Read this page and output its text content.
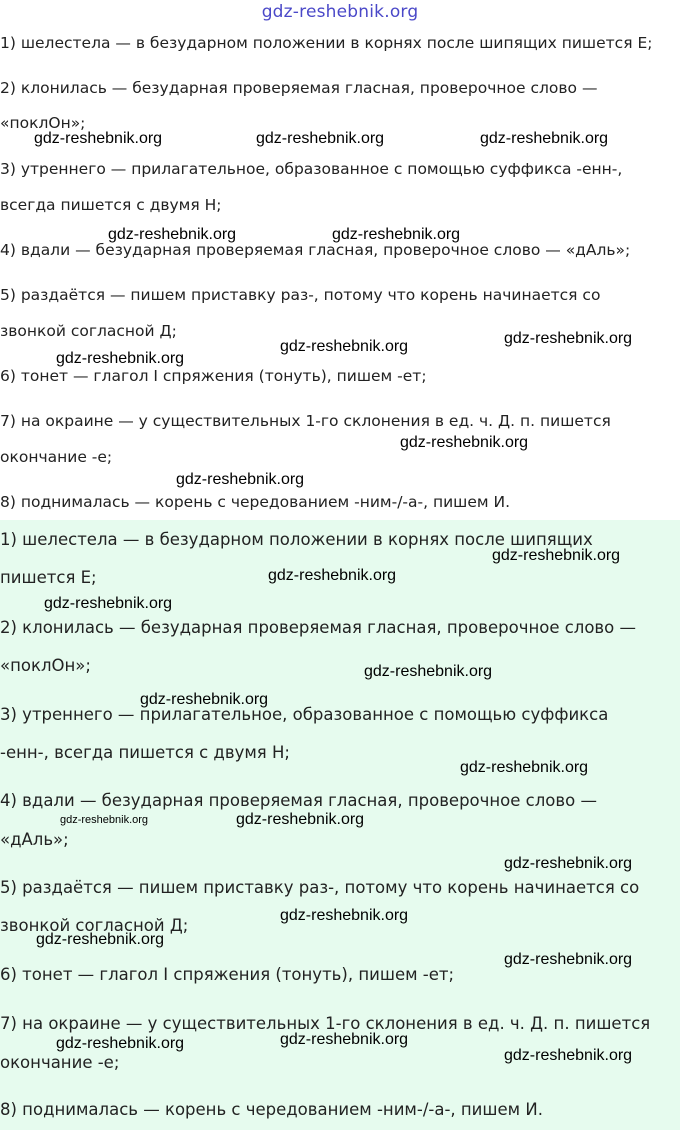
gdz-reshebnik.org
1) шелестела — в безударном положении в корнях после шипящих пишется Е;
2) клонилась — безударная проверяемая гласная, проверочное слово —
«поклОн»;
3) утреннего — прилагательное, образованное с помощью суффикса -енн-,
всегда пишется с двумя Н;
4) вдали — безударная проверяемая гласная, проверочное слово — «дАль»;
5) раздаётся — пишем приставку раз-, потому что корень начинается со
звонкой согласной Д;
6) тонет — глагол I спряжения (тонуть), пишем -ет;
7) на окраине — у существительных 1-го склонения в ед. ч. Д. п. пишется
окончание -е;
8) поднималась — корень с чередованием -ним-/-а-, пишем И.
gdz-reshebnik.org	gdz-reshebnik.org	gdz-reshebnik.org
gdz-reshebnik.org	gdz-reshebnik.org
gdz-reshebnik.org
gdz-reshebnik.org
gdz-reshebnik.org
gdz-reshebnik.org
gdz-reshebnik.org
1) шелестела — в безударном положении в корнях после шипящих
пишется Е;
2) клонилась — безударная проверяемая гласная, проверочное слово —
«поклОн»;
3) утреннего — прилагательное, образованное с помощью суффикса
-енн-, всегда пишется с двумя Н;
4) вдали — безударная проверяемая гласная, проверочное слово —
«дАль»;
5) раздаётся — пишем приставку раз-, потому что корень начинается со
звонкой согласной Д;
6) тонет — глагол I спряжения (тонуть), пишем -ет;
7) на окраине — у существительных 1-го склонения в ед. ч. Д. п. пишется
окончание -е;
8) поднималась — корень с чередованием -ним-/-а-, пишем И.
gdz-reshebnik.org
gdz-reshebnik.org
gdz-reshebnik.org
gdz-reshebnik.org
gdz-reshebnik.org
gdz-reshebnik.org
gdz-reshebnik.org	gdz-reshebnik.org
gdz-reshebnik.org
gdz-reshebnik.org
gdz-reshebnik.org
gdz-reshebnik.org
gdz-reshebnik.org
gdz-reshebnik.org
gdz-reshebnik.org
